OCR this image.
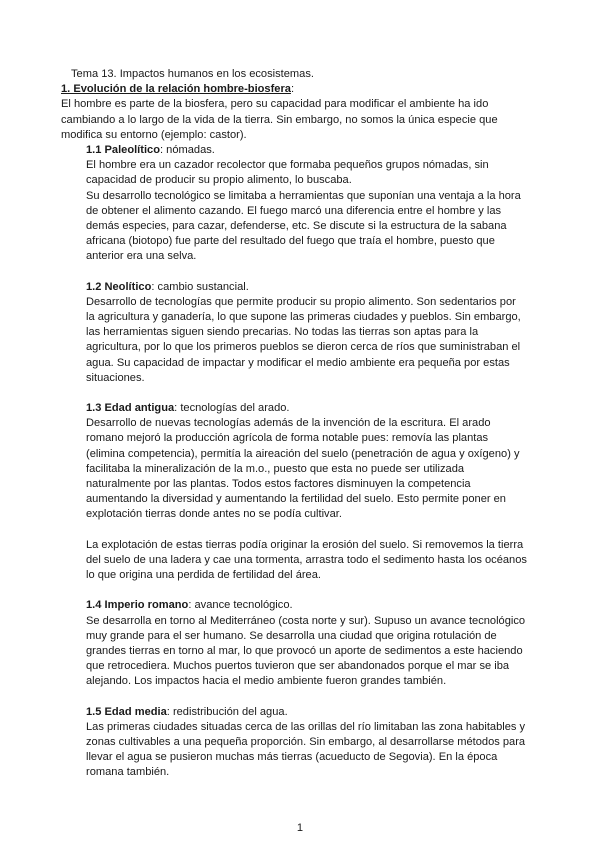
Tema 13. Impactos humanos en los ecosistemas.

1. Evolución de la relación hombre-biosfera:

El hombre es parte de la biosfera, pero su capacidad para modificar el ambiente ha ido

cambiando a lo largo de la vida de la tierra. Sin embargo, no somos la única especie que

modifica su entorno (ejemplo: castor).

1.1 Paleolítico: nómadas.

El hombre era un cazador recolector que formaba pequeños grupos nómadas, sin

capacidad de producir su propio alimento, lo buscaba.

Su desarrollo tecnológico se limitaba a herramientas que suponían una ventaja a la hora

de obtener el alimento cazando. El fuego marcó una diferencia entre el hombre y las

demás especies, para cazar, defenderse, etc. Se discute si la estructura de la sabana

africana (biotopo) fue parte del resultado del fuego que traía el hombre, puesto que

anterior era una selva.

1.2 Neolítico: cambio sustancial.

Desarrollo de tecnologías que permite producir su propio alimento. Son sedentarios por

la agricultura y ganadería, lo que supone las primeras ciudades y pueblos. Sin embargo,

las herramientas siguen siendo precarias. No todas las tierras son aptas para la

agricultura, por lo que los primeros pueblos se dieron cerca de ríos que suministraban el

agua. Su capacidad de impactar y modificar el medio ambiente era pequeña por estas

situaciones.

1.3 Edad antigua: tecnologías del arado.

Desarrollo de nuevas tecnologías además de la invención de la escritura. El arado

romano mejoró la producción agrícola de forma notable pues: removía las plantas

(elimina competencia), permitía la aireación del suelo (penetración de agua y oxígeno) y

facilitaba la mineralización de la m.o., puesto que esta no puede ser utilizada

naturalmente por las plantas. Todos estos factores disminuyen la competencia

aumentando la diversidad y aumentando la fertilidad del suelo. Esto permite poner en

explotación tierras donde antes no se podía cultivar.

La explotación de estas tierras podía originar la erosión del suelo. Si removemos la tierra

del suelo de una ladera y cae una tormenta, arrastra todo el sedimento hasta los océanos

lo que origina una perdida de fertilidad del área.

1.4 Imperio romano: avance tecnológico.

Se desarrolla en torno al Mediterráneo (costa norte y sur). Supuso un avance tecnológico

muy grande para el ser humano. Se desarrolla una ciudad que origina rotulación de

grandes tierras en torno al mar, lo que provocó un aporte de sedimentos a este haciendo

que retrocediera. Muchos puertos tuvieron que ser abandonados porque el mar se iba

alejando. Los impactos hacia el medio ambiente fueron grandes también.

1.5 Edad media: redistribución del agua.

Las primeras ciudades situadas cerca de las orillas del río limitaban las zona habitables y

zonas cultivables a una pequeña proporción. Sin embargo, al desarrollarse métodos para

llevar el agua se pusieron muchas más tierras (acueducto de Segovia). En la época

romana también.

1
